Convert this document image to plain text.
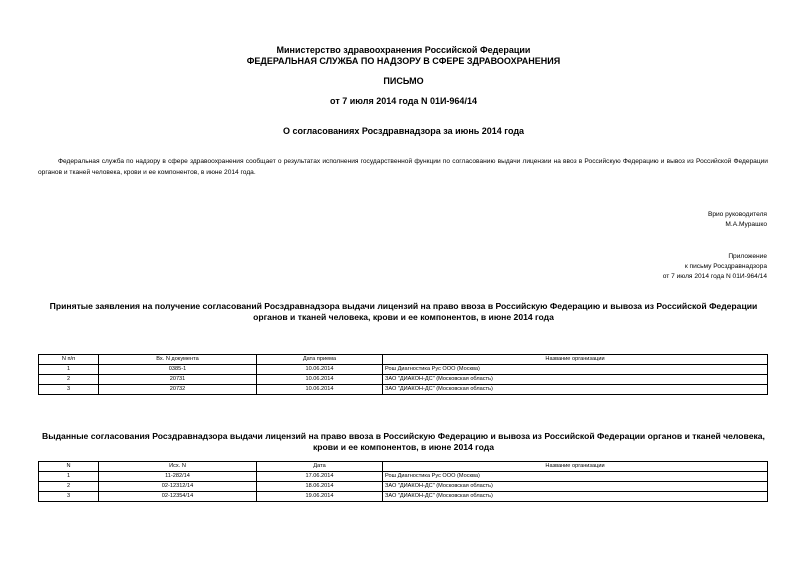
Министерство здравоохранения Российской Федерации
ФЕДЕРАЛЬНАЯ СЛУЖБА ПО НАДЗОРУ В СФЕРЕ ЗДРАВООХРАНЕНИЯ
ПИСЬМО
от 7 июля 2014 года N 01И-964/14
О согласованиях Росздравнадзора за июнь 2014 года
Федеральная служба по надзору в сфере здравоохранения сообщает о результатах исполнения государственной функции по согласованию выдачи лицензии на ввоз в Российскую Федерацию и вывоз из Российской Федерации органов и тканей человека, крови и ее компонентов, в июне 2014 года.
Врио руководителя
М.А.Мурашко
Приложение
к письму Росздравнадзора
от 7 июля 2014 года N 01И-964/14
Принятые заявления на получение согласований Росздравнадзора выдачи лицензий на право ввоза в Российскую Федерацию и вывоза из Российской Федерации органов и тканей человека, крови и ее компонентов, в июне 2014 года
N п/п	Вх. N документа	Дата приема	Название организации
1	0385-1	10.06.2014	Рош Диагностика Рус ООО (Москва)
2	20731	10.06.2014	ЗАО "ДИАКОН-ДС" (Московская область)
3	20732	10.06.2014	ЗАО "ДИАКОН-ДС" (Московская область)
Выданные согласования Росздравнадзора выдачи лицензий на право ввоза в Российскую Федерацию и вывоза из Российской Федерации органов и тканей человека, крови и ее компонентов, в июне 2014 года
N	Исх. N	Дата	Название организации
1	11-282/14	17.06.2014	Рош Диагностика Рус ООО (Москва)
2	02-12312/14	18.06.2014	ЗАО "ДИАКОН-ДС" (Московская область)
3	02-12354/14	19.06.2014	ЗАО "ДИАКОН-ДС" (Московская область)
